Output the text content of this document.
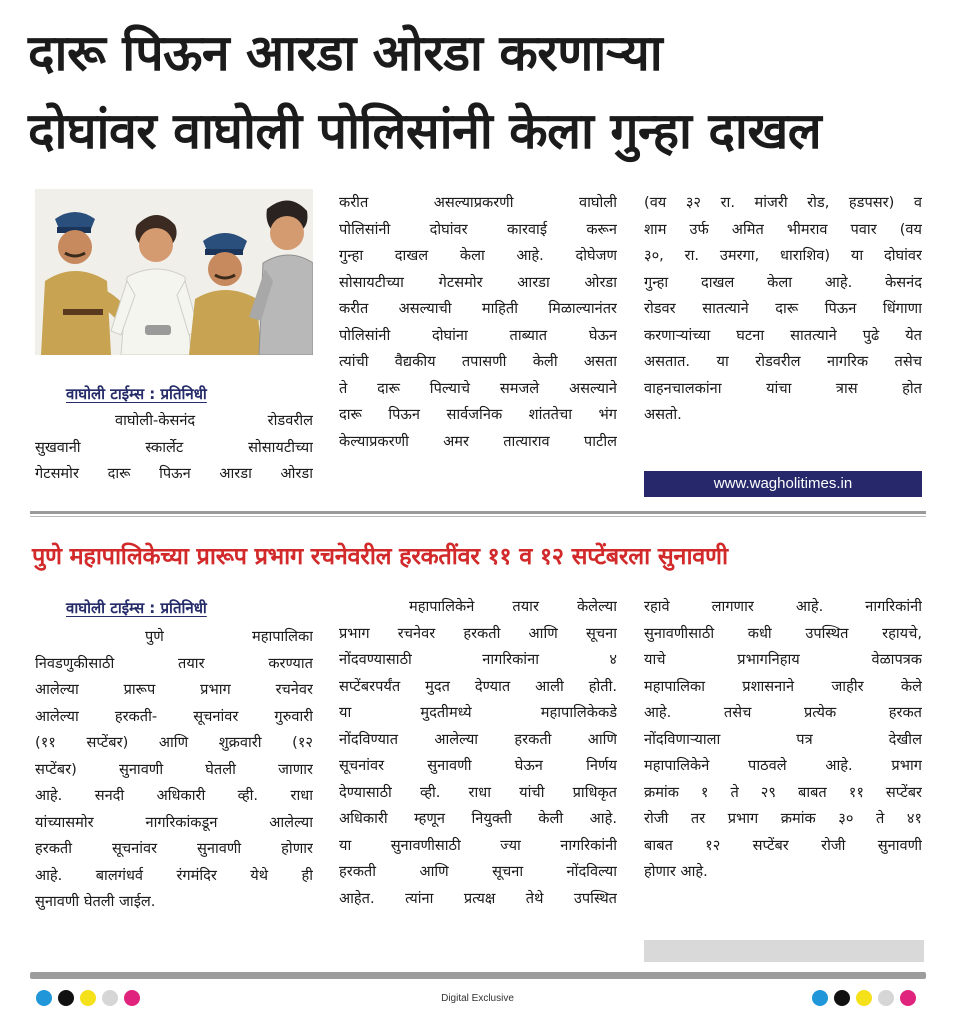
दारू पिऊन आरडा ओरडा करणाऱ्या
दोघांवर वाघोली पोलिसांनी केला गुन्हा दाखल
वाघोली टाईम्स : प्रतिनिधी
वाघोली-केसनंद रोडवरील
सुखवानी स्कार्लेट सोसायटीच्या
गेटसमोर दारू पिऊन आरडा ओरडा
करीत असल्याप्रकरणी वाघोली
पोलिसांनी दोघांवर कारवाई करून
गुन्हा दाखल केला आहे. दोघेजण
सोसायटीच्या गेटसमोर आरडा ओरडा
करीत असल्याची माहिती मिळाल्यानंतर
पोलिसांनी दोघांना ताब्यात घेऊन
त्यांची वैद्यकीय तपासणी केली असता
ते दारू पिल्याचे समजले असल्याने
दारू पिऊन सार्वजनिक शांततेचा भंग
केल्याप्रकरणी अमर तात्याराव पाटील
(वय ३२ रा. मांजरी रोड, हडपसर) व
शाम उर्फ अमित भीमराव पवार (वय
३०, रा. उमरगा, धाराशिव) या दोघांवर
गुन्हा दाखल केला आहे. केसनंद
रोडवर सातत्याने दारू पिऊन धिंगाणा
करणाऱ्यांच्या घटना सातत्याने पुढे येत
असतात. या रोडवरील नागरिक तसेच
वाहनचालकांना यांचा त्रास होत
असतो.
www.wagholitimes.in
पुणे महापालिकेच्या प्रारूप प्रभाग रचनेवरील हरकतींवर ११ व १२ सप्टेंबरला सुनावणी
वाघोली टाईम्स : प्रतिनिधी
पुणे महापालिका
निवडणुकीसाठी तयार करण्यात
आलेल्या प्रारूप प्रभाग रचनेवर
आलेल्या हरकती- सूचनांवर गुरुवारी
(११ सप्टेंबर) आणि शुक्रवारी (१२
सप्टेंबर) सुनावणी घेतली जाणार
आहे. सनदी अधिकारी व्ही. राधा
यांच्यासमोर नागरिकांकडून आलेल्या
हरकती सूचनांवर सुनावणी होणार
आहे. बालगंधर्व रंगमंदिर येथे ही
सुनावणी घेतली जाईल.
महापालिकेने तयार केलेल्या
प्रभाग रचनेवर हरकती आणि सूचना
नोंदवण्यासाठी नागरिकांना ४
सप्टेंबरपर्यंत मुदत देण्यात आली होती.
या मुदतीमध्ये महापालिकेकडे
नोंदविण्यात आलेल्या हरकती आणि
सूचनांवर सुनावणी घेऊन निर्णय
देण्यासाठी व्ही. राधा यांची प्राधिकृत
अधिकारी म्हणून नियुक्ती केली आहे.
या सुनावणीसाठी ज्या नागरिकांनी
हरकती आणि सूचना नोंदविल्या
आहेत. त्यांना प्रत्यक्ष तेथे उपस्थित
रहावे लागणार आहे. नागरिकांनी
सुनावणीसाठी कधी उपस्थित रहायचे,
याचे प्रभागनिहाय वेळापत्रक
महापालिका प्रशासनाने जाहीर केले
आहे. तसेच प्रत्येक हरकत
नोंदविणाऱ्याला पत्र देखील
महापालिकेने पाठवले आहे. प्रभाग
क्रमांक १ ते २९ बाबत ११ सप्टेंबर
रोजी तर प्रभाग क्रमांक ३० ते ४१
बाबत १२ सप्टेंबर रोजी सुनावणी
होणार आहे.
Digital Exclusive
